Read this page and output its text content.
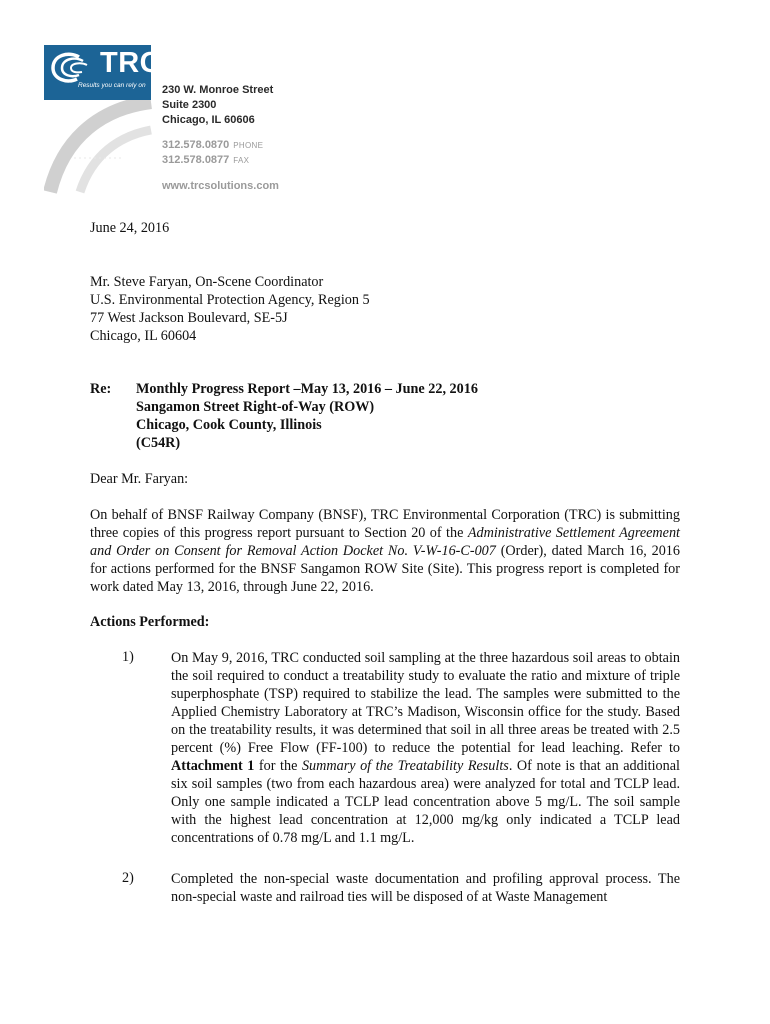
TRC
Results you can rely on 230 W. Monroe Street
Suite 2300
Chicago, IL 60606
312.578.0870 PHONE
312.578.0877 FAX
www.trcsolutions.com
June 24, 2016
Mr. Steve Faryan, On-Scene Coordinator
U.S. Environmental Protection Agency, Region 5
77 West Jackson Boulevard, SE-5J
Chicago, IL 60604
Re: Monthly Progress Report –May 13, 2016 – June 22, 2016
Sangamon Street Right-of-Way (ROW)
Chicago, Cook County, Illinois
(C54R)
Dear Mr. Faryan:
On behalf of BNSF Railway Company (BNSF), TRC Environmental Corporation (TRC) is submitting three copies of this progress report pursuant to Section 20 of the Administrative Settlement Agreement and Order on Consent for Removal Action Docket No. V-W-16-C-007 (Order), dated March 16, 2016 for actions performed for the BNSF Sangamon ROW Site (Site). This progress report is completed for work dated May 13, 2016, through June 22, 2016.
Actions Performed:
1)	On May 9, 2016, TRC conducted soil sampling at the three hazardous soil areas to obtain the soil required to conduct a treatability study to evaluate the ratio and mixture of triple superphosphate (TSP) required to stabilize the lead. The samples were submitted to the Applied Chemistry Laboratory at TRC’s Madison, Wisconsin office for the study. Based on the treatability results, it was determined that soil in all three areas be treated with 2.5 percent (%) Free Flow (FF-100) to reduce the potential for lead leaching. Refer to Attachment 1 for the Summary of the Treatability Results. Of note is that an additional six soil samples (two from each hazardous area) were analyzed for total and TCLP lead. Only one sample indicated a TCLP lead concentration above 5 mg/L. The soil sample with the highest lead concentration at 12,000 mg/kg only indicated a TCLP lead concentrations of 0.78 mg/L and 1.1 mg/L.
2)	Completed the non-special waste documentation and profiling approval process. The non-special waste and railroad ties will be disposed of at Waste Management
